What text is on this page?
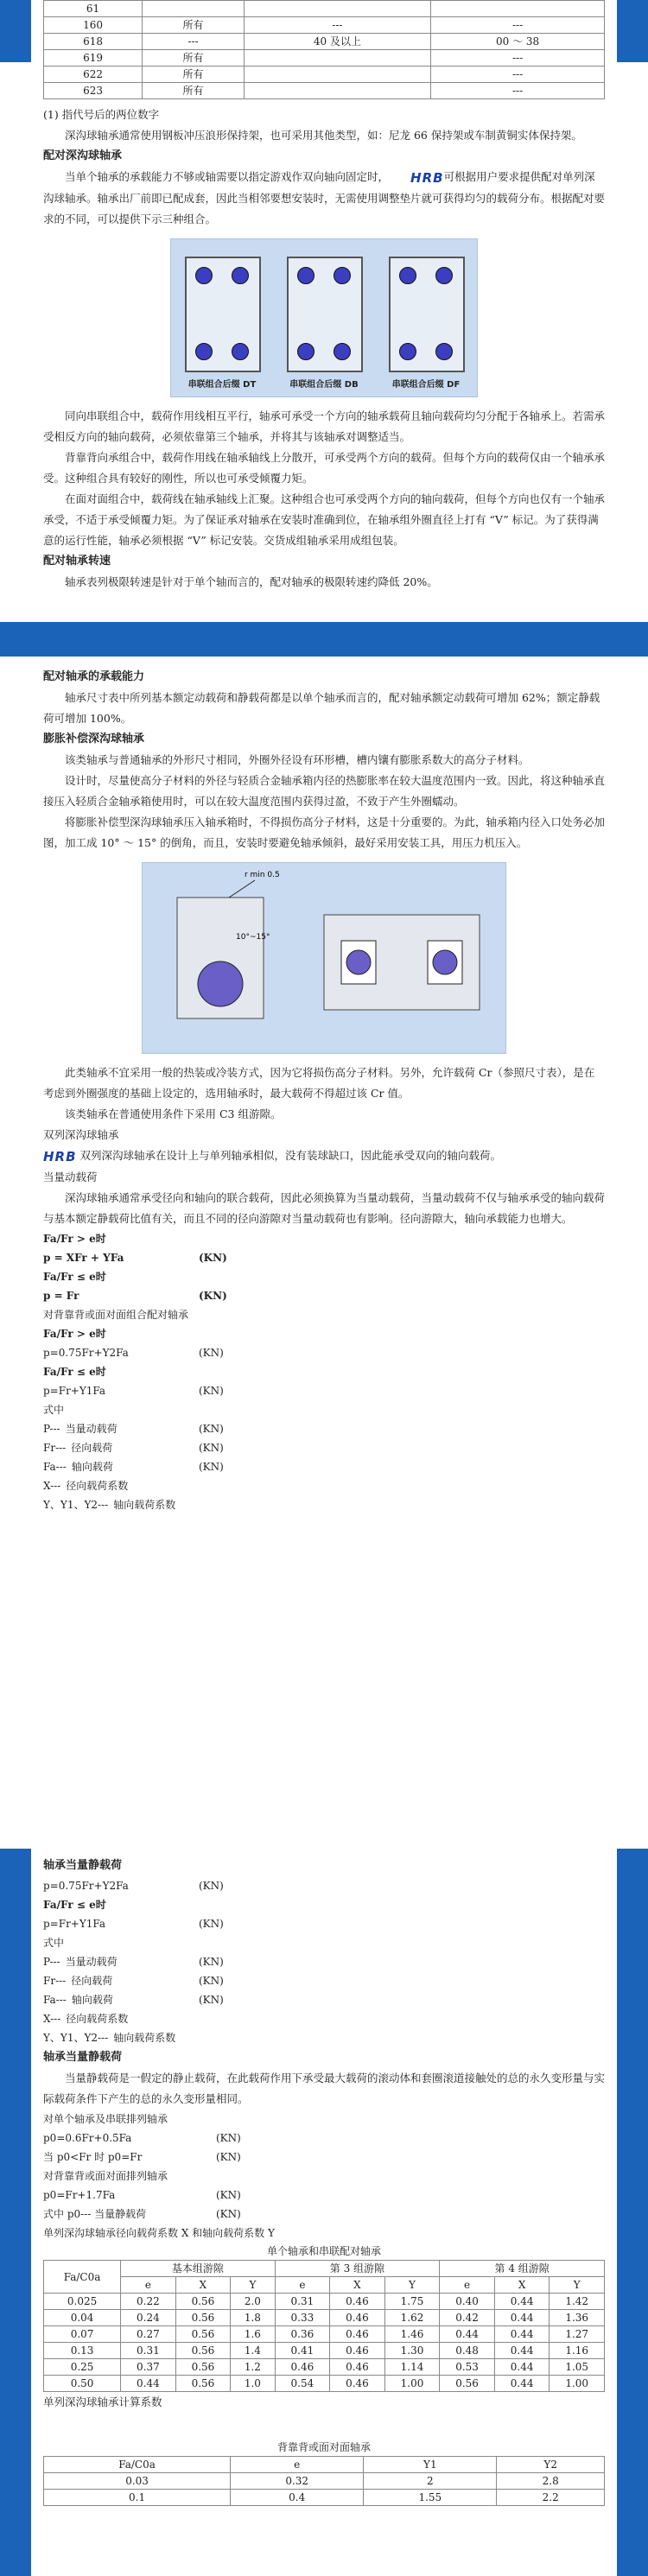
61			
160	所有	---	---
618	---	40 及以上	00 ～ 38
619	所有		---
622	所有		---
623	所有		---

(1) 指代号后的两位数字

深沟球轴承通常使用钢板冲压浪形保持架，也可采用其他类型，如：尼龙 66 保持架或车制黄铜实体保持架。

配对深沟球轴承

当单个轴承的承载能力不够或轴需要以指定游戏作双向轴向固定时， HRB可根据用户要求提供配对单列深沟球轴承。轴承出厂前即已配成套，因此当相邻要想安装时，无需使用调整垫片就可获得均匀的载荷分布。根据配对要求的不同，可以提供下示三种组合。

串联组合后缀 DT	串联组合后缀 DB	串联组合后缀 DF

同向串联组合中，载荷作用线相互平行，轴承可承受一个方向的轴承载荷且轴向载荷均匀分配于各轴承上。若需承受相反方向的轴向载荷，必须依靠第三个轴承，并将其与该轴承对调整适当。

背靠背向承组合中，载荷作用线在轴承轴线上分散开，可承受两个方向的载荷。但每个方向的载荷仅由一个轴承承受。这种组合具有较好的刚性，所以也可承受倾覆力矩。

在面对面组合中，载荷线在轴承轴线上汇聚。这种组合也可承受两个方向的轴向载荷，但每个方向也仅有一个轴承承受，不适于承受倾覆力矩。为了保证承对轴承在安装时准确到位，在轴承组外圈直径上打有 “V” 标记。为了获得满意的运行性能，轴承必须根据 “V” 标记安装。交货成组轴承采用成组包装。

配对轴承转速

轴承表列极限转速是针对于单个轴而言的，配对轴承的极限转速约降低 20%。

配对轴承的承载能力

轴承尺寸表中所列基本额定动载荷和静载荷都是以单个轴承而言的，配对轴承额定动载荷可增加 62%；额定静载荷可增加 100%。

膨胀补偿深沟球轴承

该类轴承与普通轴承的外形尺寸相同，外圈外径设有环形槽，槽内镶有膨胀系数大的高分子材料。

设计时，尽量使高分子材料的外径与轻质合金轴承箱内径的热膨胀率在较大温度范围内一致。因此，将这种轴承直接压入轻质合金轴承箱使用时，可以在较大温度范围内获得过盈，不致于产生外圈蠕动。

将膨胀补偿型深沟球轴承压入轴承箱时，不得损伤高分子材料，这是十分重要的。为此，轴承箱内径入口处务必加图，加工成 10° ～ 15° 的倒角，而且，安装时要避免轴承倾斜，最好采用安装工具，用压力机压入。

r min 0.5
10°~15°

此类轴承不宜采用一般的热装或冷装方式，因为它将损伤高分子材料。另外，允许载荷 Cr（参照尺寸表），是在考虑到外圈强度的基础上设定的，选用轴承时，最大载荷不得超过该 Cr 值。

该类轴承在普通使用条件下采用 C3 组游隙。

双列深沟球轴承

HRB 双列深沟球轴承在设计上与单列轴承相似，没有装球缺口，因此能承受双向的轴向载荷。

当量动载荷

深沟球轴承通常承受径向和轴向的联合载荷，因此必须换算为当量动载荷，当量动载荷不仅与轴承承受的轴向载荷与基本额定静载荷比值有关，而且不同的径向游隙对当量动载荷也有影响。径向游隙大，轴向承载能力也增大。

Fa/Fr > e时
p = XFr + YFa	(KN)
Fa/Fr ≤ e时
p = Fr	(KN)
对背靠背或面对面组合配对轴承
Fa/Fr > e时
p=0.75Fr+Y2Fa	(KN)
Fa/Fr ≤ e时
p=Fr+Y1Fa	(KN)
式中
P--- 当量动载荷	(KN)
Fr--- 径向载荷	(KN)
Fa--- 轴向载荷	(KN)
X--- 径向载荷系数
Y、Y1、Y2--- 轴向载荷系数
轴承当量静载荷
p=0.75Fr+Y2Fa	(KN)
Fa/Fr ≤ e时
p=Fr+Y1Fa	(KN)
式中
P--- 当量动载荷	(KN)
Fr--- 径向载荷	(KN)
Fa--- 轴向载荷	(KN)
X--- 径向载荷系数
Y、Y1、Y2--- 轴向载荷系数
轴承当量静载荷

当量静载荷是一假定的静止载荷，在此载荷作用下承受最大载荷的滚动体和套圈滚道接触处的总的永久变形量与实际载荷条件下产生的总的永久变形量相同。

对单个轴承及串联排列轴承
p0=0.6Fr+0.5Fa	(KN)
当 p0<Fr 时 p0=Fr	(KN)
对背靠背或面对面排列轴承
p0=Fr+1.7Fa	(KN)
式中 p0--- 当量静载荷	(KN)
单列深沟球轴承径向载荷系数 X 和轴向载荷系数 Y
单个轴承和串联配对轴承
Fa/C0a	基本组游隙			第 3 组游隙			第 4 组游隙		
	e	X	Y	e	X	Y	e	X	Y
0.025	0.22	0.56	2.0	0.31	0.46	1.75	0.40	0.44	1.42
0.04	0.24	0.56	1.8	0.33	0.46	1.62	0.42	0.44	1.36
0.07	0.27	0.56	1.6	0.36	0.46	1.46	0.44	0.44	1.27
0.13	0.31	0.56	1.4	0.41	0.46	1.30	0.48	0.44	1.16
0.25	0.37	0.56	1.2	0.46	0.46	1.14	0.53	0.44	1.05
0.50	0.44	0.56	1.0	0.54	0.46	1.00	0.56	0.44	1.00
单列深沟球轴承计算系数
背靠背或面对面轴承
Fa/C0a	e	Y1	Y2
0.03	0.32	2	2.8
0.1	0.4	1.55	2.2
